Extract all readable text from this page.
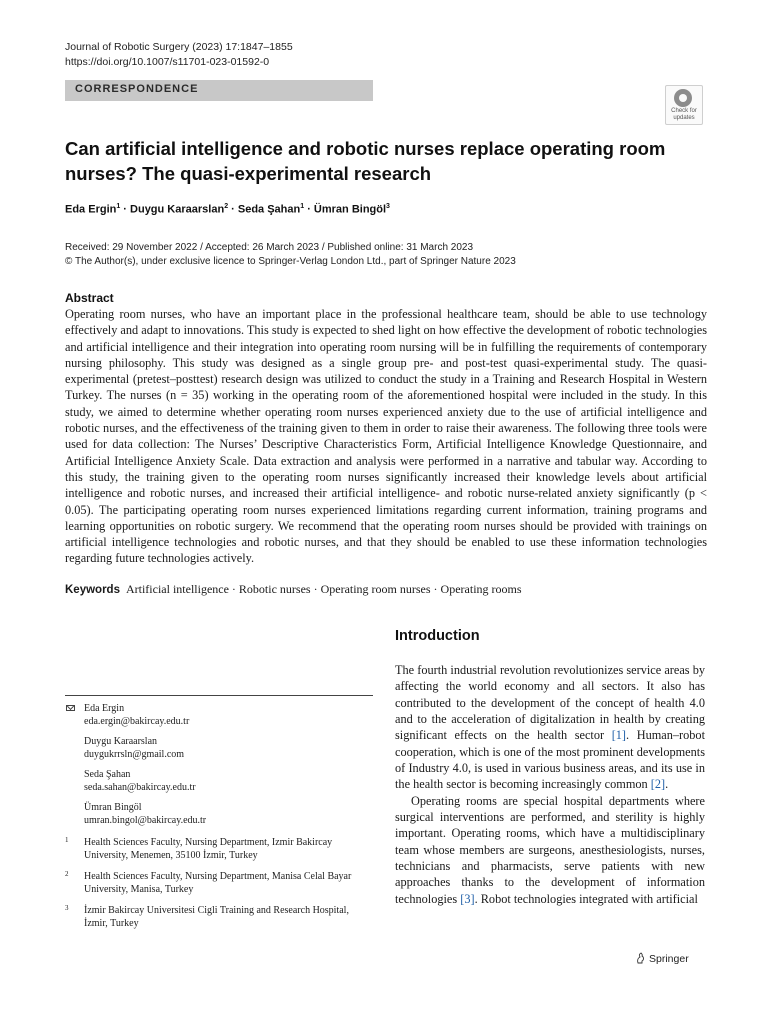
Journal of Robotic Surgery (2023) 17:1847–1855
https://doi.org/10.1007/s11701-023-01592-0
CORRESPONDENCE
Check for updates
Can artificial intelligence and robotic nurses replace operating room nurses? The quasi-experimental research
Eda Ergin$^1$ · Duygu Karaarslan$^2$ · Seda Şahan$^1$ · Ümran Bingöl$^3$
Received: 29 November 2022 / Accepted: 26 March 2023 / Published online: 31 March 2023
© The Author(s), under exclusive licence to Springer-Verlag London Ltd., part of Springer Nature 2023
Abstract
Operating room nurses, who have an important place in the professional healthcare team, should be able to use technology effectively and adapt to innovations. This study is expected to shed light on how effective the development of robotic technologies and artificial intelligence and their integration into operating room nursing will be in fulfilling the requirements of contemporary nursing philosophy. This study was designed as a single group pre- and post-test quasi-experimental study. The quasi-experimental (pretest–posttest) research design was utilized to conduct the study in a Training and Research Hospital in Western Turkey. The nurses (n = 35) working in the operating room of the aforementioned hospital were included in the study. In this study, we aimed to determine whether operating room nurses experienced anxiety due to the use of artificial intelligence and robotic nurses, and the effectiveness of the training given to them in order to raise their awareness. The following three tools were used for data collection: The Nurses’ Descriptive Characteristics Form, Artificial Intelligence Knowledge Questionnaire, and Artificial Intelligence Anxiety Scale. Data extraction and analysis were performed in a narrative and tabular way. According to this study, the training given to the operating room nurses significantly increased their knowledge levels about artificial intelligence and robotic nurses, and increased their artificial intelligence- and robotic nurse-related anxiety significantly (p < 0.05). The participating operating room nurses experienced limitations regarding current information, training programs and learning opportunities on robotic surgery. We recommend that the operating room nurses should be provided with trainings on artificial intelligence technologies and robotic nurses, and that they should be enabled to use these information technologies regarding future technologies actively.
Keywords Artificial intelligence · Robotic nurses · Operating room nurses · Operating rooms
Introduction

The fourth industrial revolution revolutionizes service areas by affecting the world economy and all sectors. It also has contributed to the development of the concept of health 4.0 and to the acceleration of digitalization in health by creating significant effects on the health sector [1]. Human–robot cooperation, which is one of the most prominent developments of Industry 4.0, is used in various business areas, and its use in the health sector is becoming increasingly common [2].

Operating rooms are special hospital departments where surgical interventions are performed, and sterility is highly important. Operating rooms, which have a multidisciplinary team whose members are surgeons, anesthesiologists, nurses, technicians and pharmacists, serve patients with new approaches thanks to the development of information technologies [3]. Robot technologies integrated with artificial

Eda Ergin
eda.ergin@bakircay.edu.tr
Duygu Karaarslan
duygukrrsln@gmail.com
Seda Şahan
seda.sahan@bakircay.edu.tr
Ümran Bingöl
umran.bingol@bakircay.edu.tr
1 Health Sciences Faculty, Nursing Department, Izmir Bakircay University, Menemen, 35100 İzmir, Turkey
2 Health Sciences Faculty, Nursing Department, Manisa Celal Bayar University, Manisa, Turkey
3 İzmir Bakircay Universitesi Cigli Training and Research Hospital, İzmir, Turkey
Springer
